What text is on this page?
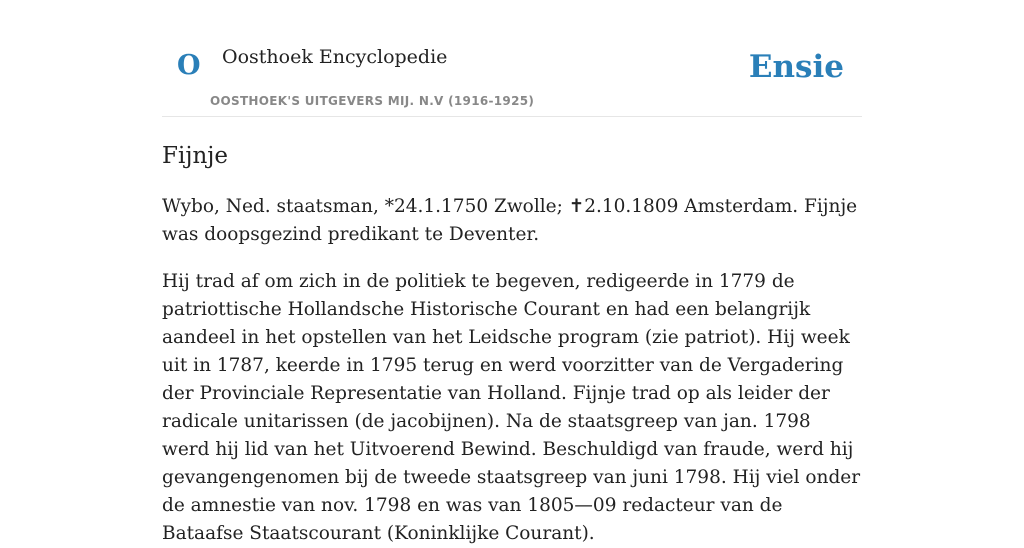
O Oosthoek Encyclopedie
OOSTHOEK'S UITGEVERS MIJ. N.V (1916-1925)
Ensie
Fijnje

Wybo, Ned. staatsman, *24.1.1750 Zwolle; ✝2.10.1809 Amsterdam. Fijnje was doopsgezind predikant te Deventer.

Hij trad af om zich in de politiek te begeven, redigeerde in 1779 de patriottische Hollandsche Historische Courant en had een belangrijk aandeel in het opstellen van het Leidsche program (zie patriot). Hij week uit in 1787, keerde in 1795 terug en werd voorzitter van de Vergadering der Provinciale Representatie van Holland. Fijnje trad op als leider der radicale unitarissen (de jacobijnen). Na de staatsgreep van jan. 1798 werd hij lid van het Uitvoerend Bewind. Beschuldigd van fraude, werd hij gevangengenomen bij de tweede staatsgreep van juni 1798. Hij viel onder de amnestie van nov. 1798 en was van 1805—09 redacteur van de Bataafse Staatscourant (Koninklijke Courant).
